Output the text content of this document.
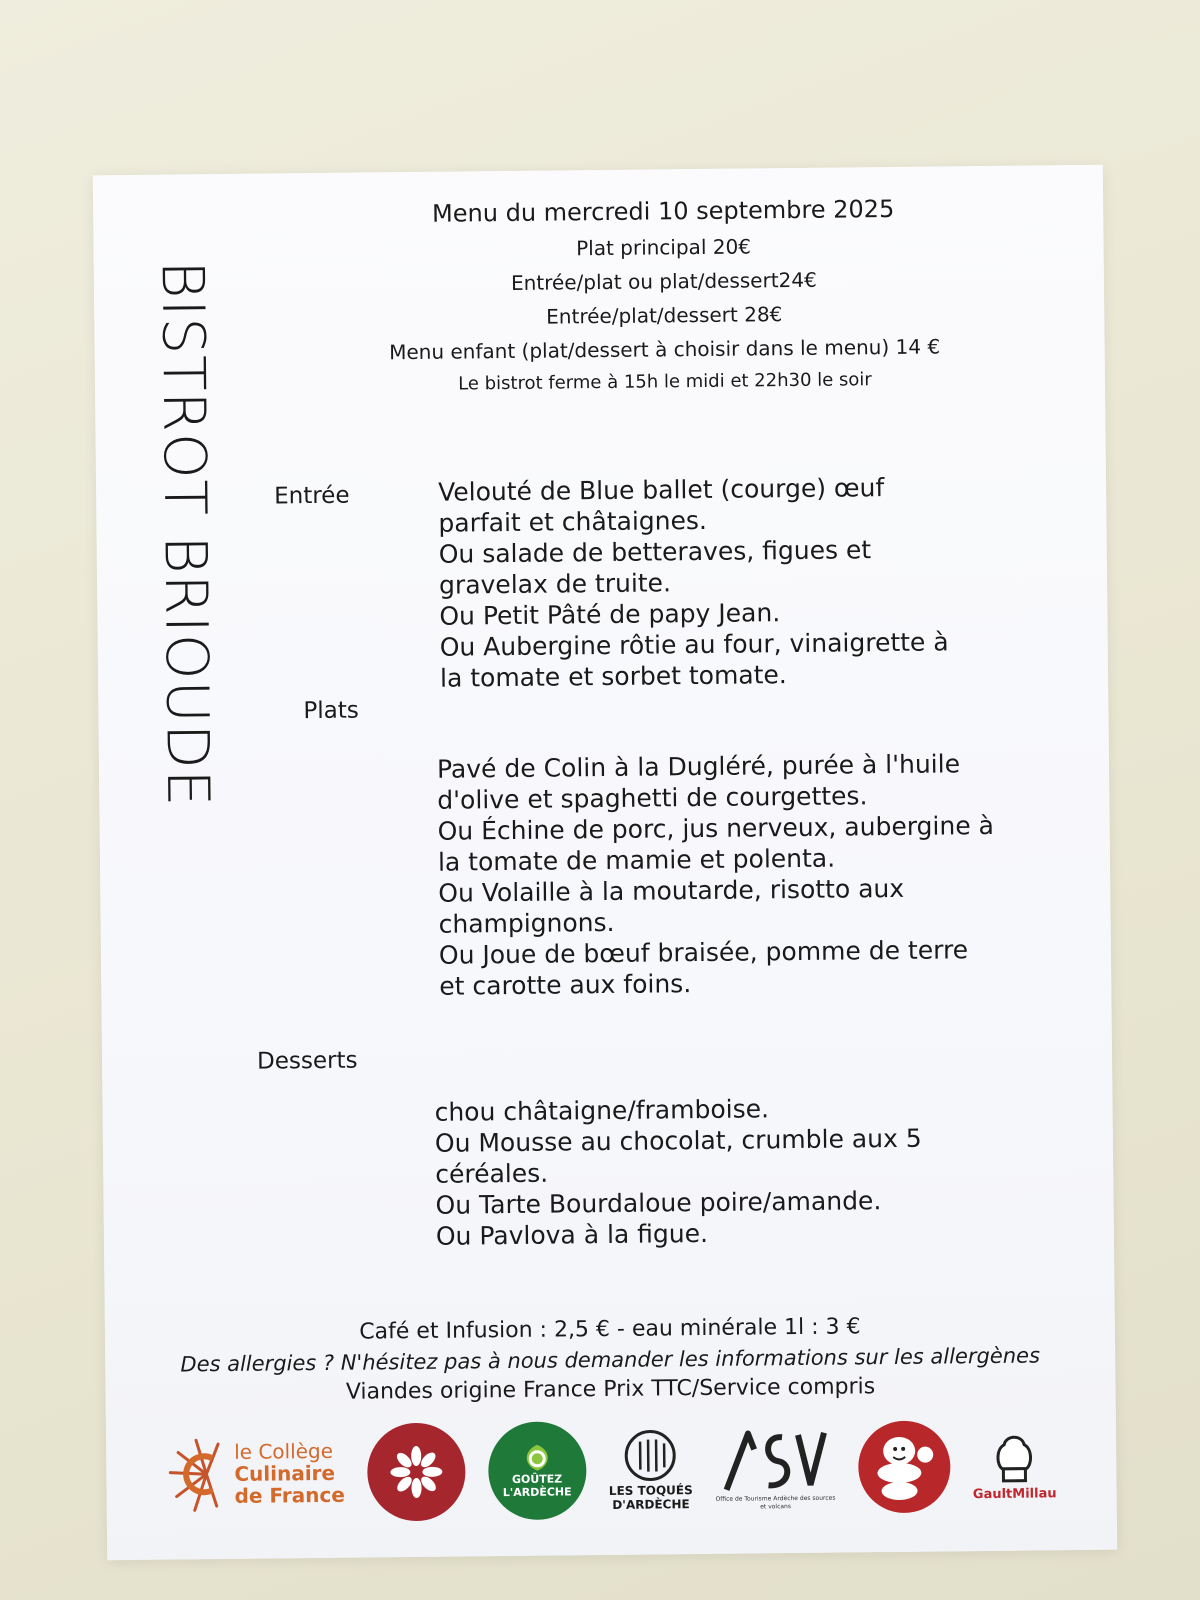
BISTROT BRIOUDE
Menu du mercredi 10 septembre 2025
Plat principal 20€
Entrée/plat ou plat/dessert24€
Entrée/plat/dessert 28€
Menu enfant (plat/dessert à choisir dans le menu) 14 €
Le bistrot ferme à 15h le midi et 22h30 le soir
Entrée	Velouté de Blue ballet (courge) œuf
parfait et châtaignes.
Ou salade de betteraves, figues et
gravelax de truite.
Ou Petit Pâté de papy Jean.
Ou Aubergine rôtie au four, vinaigrette à
la tomate et sorbet tomate.
Plats
Pavé de Colin à la Dugléré, purée à l'huile
d'olive et spaghetti de courgettes.
Ou Échine de porc, jus nerveux, aubergine à
la tomate de mamie et polenta.
Ou Volaille à la moutarde, risotto aux
champignons.
Ou Joue de bœuf braisée, pomme de terre
et carotte aux foins.
Desserts
chou châtaigne/framboise.
Ou Mousse au chocolat, crumble aux 5
céréales.
Ou Tarte Bourdaloue poire/amande.
Ou Pavlova à la figue.
Café et Infusion : 2,5 € - eau minérale 1l : 3 €
Des allergies ? N'hésitez pas à nous demander les informations sur les allergènes
Viandes origine France Prix TTC/Service compris
le Collège
Culinaire
de France
GOÛTEZ
L'ARDÈCHE	LES TOQUÉS
D'ARDÈCHE	Office de Tourisme Ardèche des sources et volcans
GaultMillau
